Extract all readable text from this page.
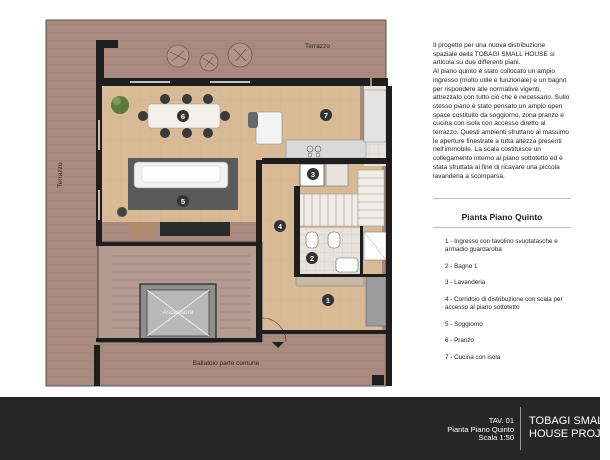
1
2
3
4
5
6	7
Terrazzo
Terrazzo
Ascensore
Ballatoio parte comune

Il progetto per una nuova distribuzione spaziale della TOBAGI SMALL HOUSE si articola su due differenti piani.

Al piano quinto è stato collocato un ampio ingresso (molto utile e funzionale) e un bagno per rispondere alle normative vigenti, attrezzato con tutto ciò che è necessario. Sullo stesso piano è stato pensato un ampio open space costituito da soggiorno, zona pranzo e cucina con isola con accesso diretto al terrazzo. Questi ambienti sfruttano al massimo le aperture finestrate a tutta altezza presenti nell'immobile. La scala costituisce un collegamento interno al piano sottotetto ed è stata sfruttata al fine di ricavare una piccola lavanderia a scomparsa.

Pianta Piano Quinto
1 - Ingresso con tavolino svuotatasche e armadio guardaroba
2 - Bagno 1
3 - Lavanderia
4 - Corridoio di distribuzione con scala per accesso al piano sottotetto
5 - Soggiorno
6 - Pranzo
7 - Cucina con isola
TAV. 01
Pianta Piano Quinto
Scala 1:50
TOBAGI SMALL
HOUSE PROJE
